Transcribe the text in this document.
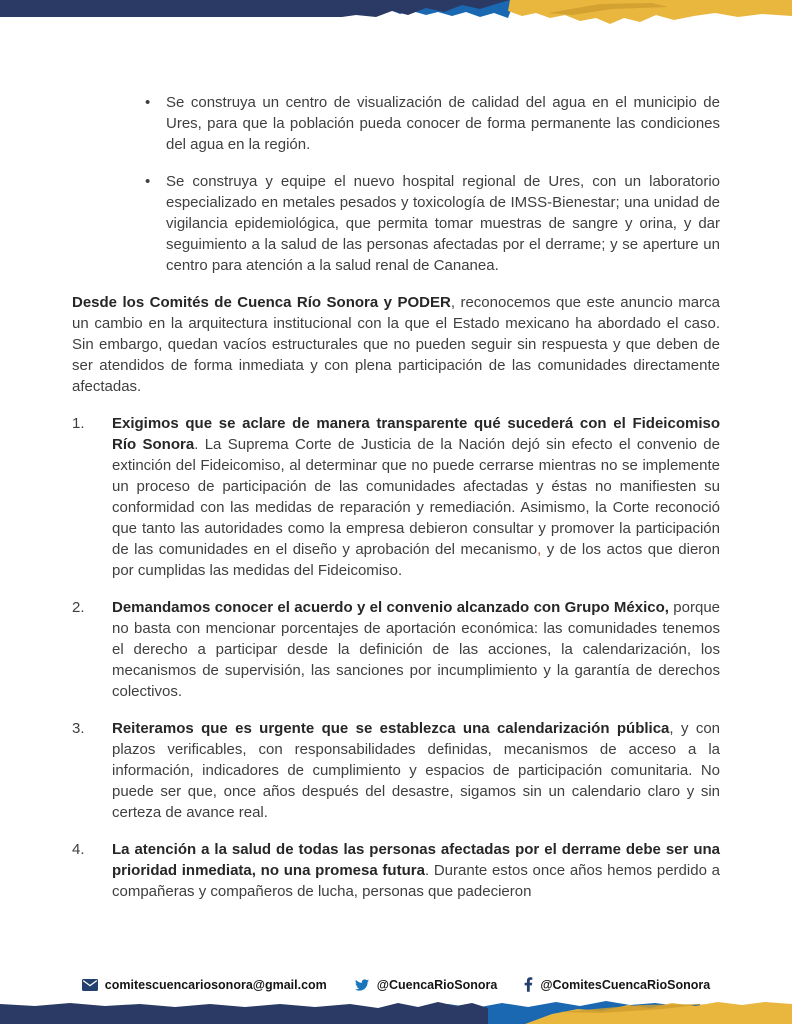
•	Se construya un centro de visualización de calidad del agua en el municipio de Ures, para que la población pueda conocer de forma permanente las condiciones del agua en la región.
•	Se construya y equipe el nuevo hospital regional de Ures, con un laboratorio especializado en metales pesados y toxicología de IMSS-Bienestar; una unidad de vigilancia epidemiológica, que permita tomar muestras de sangre y orina, y dar seguimiento a la salud de las personas afectadas por el derrame; y se aperture un centro para atención a la salud renal de Cananea.

Desde los Comités de Cuenca Río Sonora y PODER, reconocemos que este anuncio marca un cambio en la arquitectura institucional con la que el Estado mexicano ha abordado el caso. Sin embargo, quedan vacíos estructurales que no pueden seguir sin respuesta y que deben de ser atendidos de forma inmediata y con plena participación de las comunidades directamente afectadas.

1.	Exigimos que se aclare de manera transparente qué sucederá con el Fideicomiso Río Sonora. La Suprema Corte de Justicia de la Nación dejó sin efecto el convenio de extinción del Fideicomiso, al determinar que no puede cerrarse mientras no se implemente un proceso de participación de las comunidades afectadas y éstas no manifiesten su conformidad con las medidas de reparación y remediación. Asimismo, la Corte reconoció que tanto las autoridades como la empresa debieron consultar y promover la participación de las comunidades en el diseño y aprobación del mecanismo, y de los actos que dieron por cumplidas las medidas del Fideicomiso.
2.	Demandamos conocer el acuerdo y el convenio alcanzado con Grupo México, porque no basta con mencionar porcentajes de aportación económica: las comunidades tenemos el derecho a participar desde la definición de las acciones, la calendarización, los mecanismos de supervisión, las sanciones por incumplimiento y la garantía de derechos colectivos.
3.	Reiteramos que es urgente que se establezca una calendarización pública, y con plazos verificables, con responsabilidades definidas, mecanismos de acceso a la información, indicadores de cumplimiento y espacios de participación comunitaria. No puede ser que, once años después del desastre, sigamos sin un calendario claro y sin certeza de avance real.
4.	La atención a la salud de todas las personas afectadas por el derrame debe ser una prioridad inmediata, no una promesa futura. Durante estos once años hemos perdido a compañeras y compañeros de lucha, personas que padecieron
comitescuencariosonora@gmail.com	@CuencaRioSonora	@ComitesCuencaRioSonora
